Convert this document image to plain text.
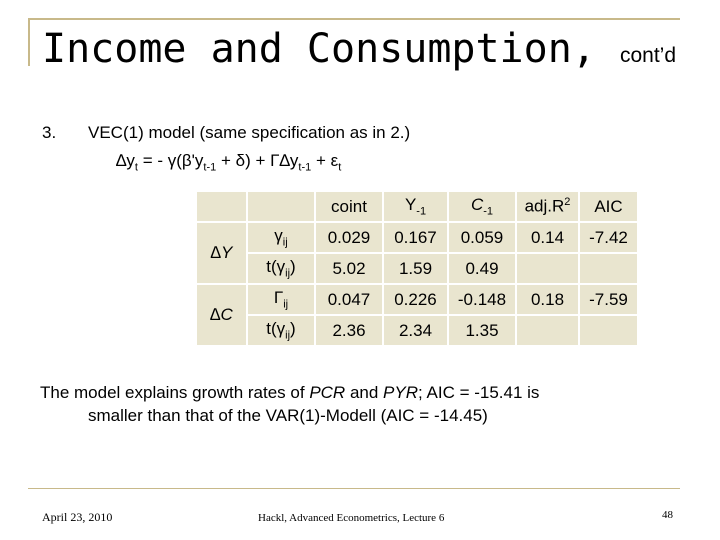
Income and Consumption, cont’d
3. VEC(1) model (same specification as in 2.)
$\Delta y_t$ = - $\gamma(\beta'y_{t-1} + \delta) + \Gamma\Delta y_{t-1} + \varepsilon_t$
		coint	$Y_{-1}$	$C_{-1}$	$adj.R^2$	AIC
∆Y	$\gamma_{ij}$	0.029	0.167	0.059	0.14	-7.42
	$t(\gamma_{ij})$	5.02	1.59	0.49		
∆C	$\Gamma_{ij}$	0.047	0.226	-0.148	0.18	-7.59
	$t(\gamma_{ij})$	2.36	2.34	1.35		
The model explains growth rates of PCR and PYR; AIC = -15.41 is
smaller than that of the VAR(1)-Modell (AIC = -14.45)
April 23, 2010	Hackl, Advanced Econometrics, Lecture 6	48
